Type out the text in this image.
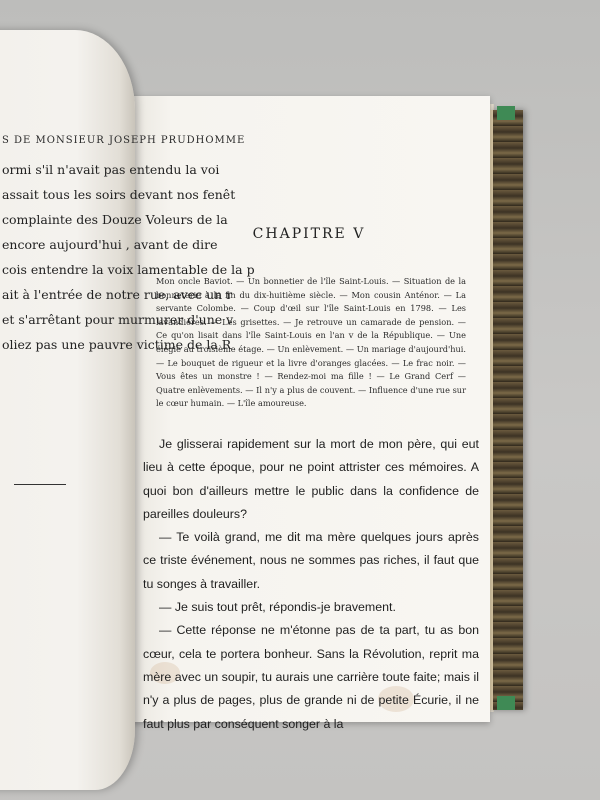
CHAPITRE V
Mon oncle Baviot. — Un bonnetier de l'île Saint-Louis. — Situation de la bonneterie à la fin du dix-huitième siècle. — Mon cousin Anténor. — La servante Colombe. — Coup d'œil sur l'île Saint-Louis en 1798. — Les lavandières. — Les grisettes. — Je retrouve un camarade de pension. — Ce qu'on lisait dans l'île Saint-Louis en l'an v de la République. — Une élégie au troisième étage. — Un enlèvement. — Un mariage d'aujourd'hui. — Le bouquet de rigueur et la livre d'oranges glacées. — Le frac noir. — Vous êtes un monstre ! — Rendez-moi ma fille ! — Le Grand Cerf — Quatre enlèvements. — Il n'y a plus de couvent. — Influence d'une rue sur le cœur humain. — L'île amoureuse.

Je glisserai rapidement sur la mort de mon père, qui eut lieu à cette époque, pour ne point attrister ces mémoires. A quoi bon d'ailleurs mettre le public dans la confidence de pareilles douleurs?

— Te voilà grand, me dit ma mère quelques jours après ce triste événement, nous ne sommes pas riches, il faut que tu songes à travailler.

— Je suis tout prêt, répondis-je bravement.

— Cette réponse ne m'étonne pas de ta part, tu as bon cœur, cela te portera bonheur. Sans la Révolution, reprit ma mère avec un soupir, tu aurais une carrière toute faite; mais il n'y a plus de pages, plus de grande ni de petite Écurie, il ne faut plus par conséquent songer à la

S DE MONSIEUR JOSEPH PRUDHOMME
ormi s'il n'avait pas entendu la voi
assait tous les soirs devant nos fenêt
complainte des Douze Voleurs de la
encore aujourd'hui , avant de dire
cois entendre la voix lamentable de la p
ait à l'entrée de notre rue, avec un r
et s'arrêtant pour murmurer d'une v
oliez pas une pauvre victime de la R
